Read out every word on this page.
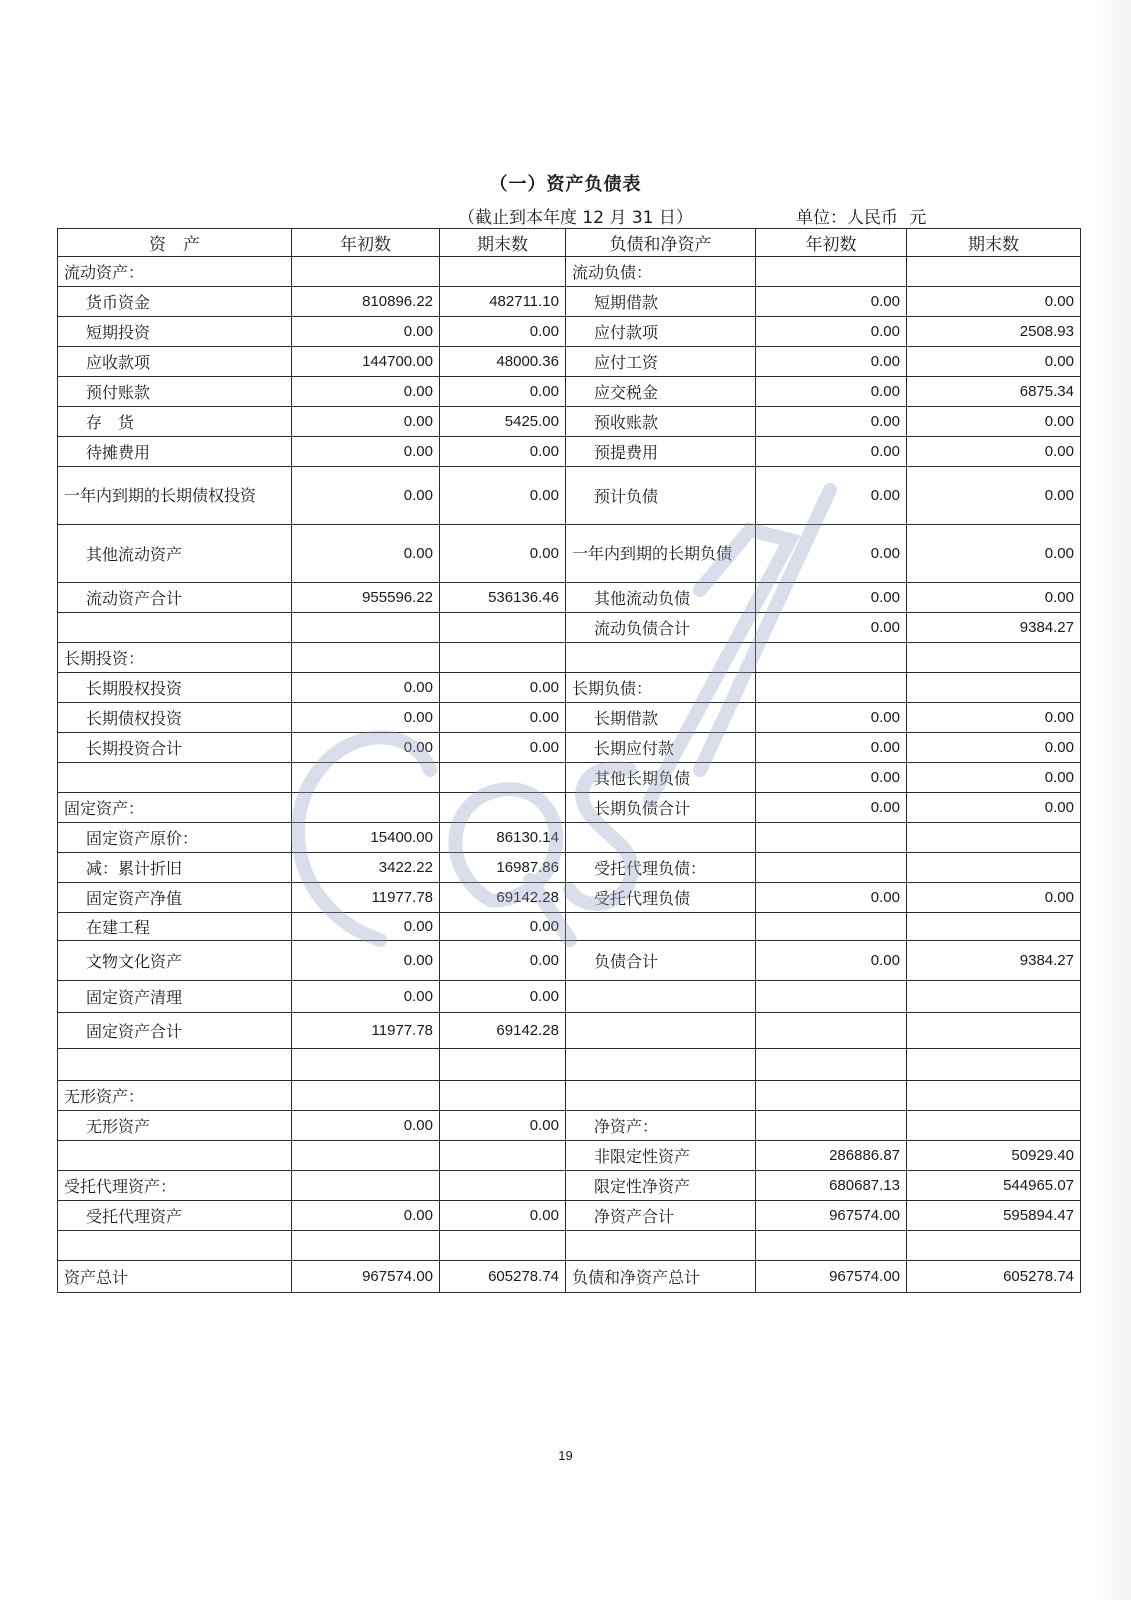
（一）资产负债表
（截止到本年度 12 月 31 日）	单位：人民币 元
资　产	年初数	期末数	负债和净资产	年初数	期末数
流动资产：			流动负债：		
货币资金	810896.22	482711.10	短期借款	0.00	0.00
短期投资	0.00	0.00	应付款项	0.00	2508.93
应收款项	144700.00	48000.36	应付工资	0.00	0.00
预付账款	0.00	0.00	应交税金	0.00	6875.34
存　货	0.00	5425.00	预收账款	0.00	0.00
待摊费用	0.00	0.00	预提费用	0.00	0.00
一年内到期的长期债权投资	0.00	0.00	预计负债	0.00	0.00
其他流动资产	0.00	0.00	一年内到期的长期负债	0.00	0.00
流动资产合计	955596.22	536136.46	其他流动负债	0.00	0.00
			流动负债合计	0.00	9384.27
长期投资：					
长期股权投资	0.00	0.00	长期负债：		
长期债权投资	0.00	0.00	长期借款	0.00	0.00
长期投资合计	0.00	0.00	长期应付款	0.00	0.00
			其他长期负债	0.00	0.00
固定资产：			长期负债合计	0.00	0.00
固定资产原价：	15400.00	86130.14			
减：累计折旧	3422.22	16987.86	受托代理负债：		
固定资产净值	11977.78	69142.28	受托代理负债	0.00	0.00
在建工程	0.00	0.00			
文物文化资产	0.00	0.00	负债合计	0.00	9384.27
固定资产清理	0.00	0.00			
固定资产合计	11977.78	69142.28			

无形资产：					
无形资产	0.00	0.00	净资产：		
			非限定性资产	286886.87	50929.40
受托代理资产：			限定性净资产	680687.13	544965.07
受托代理资产	0.00	0.00	净资产合计	967574.00	595894.47

资产总计	967574.00	605278.74	负债和净资产总计	967574.00	605278.74
19
